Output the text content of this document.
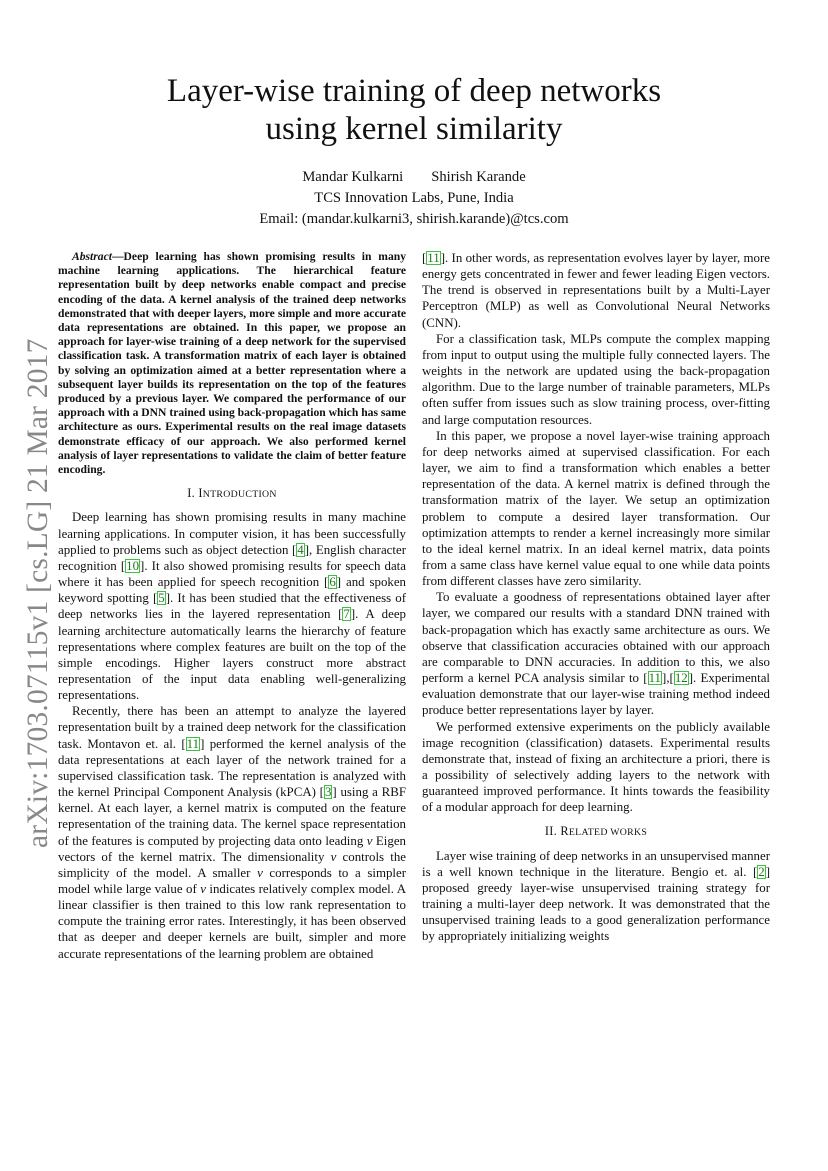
arXiv:1703.07115v1 [cs.LG] 21 Mar 2017
Layer-wise training of deep networks
using kernel similarity
Mandar Kulkarni Shirish Karande
TCS Innovation Labs, Pune, India
Email: (mandar.kulkarni3, shirish.karande)@tcs.com

Abstract—Deep learning has shown promising results in many machine learning applications. The hierarchical feature representation built by deep networks enable compact and precise encoding of the data. A kernel analysis of the trained deep networks demonstrated that with deeper layers, more simple and more accurate data representations are obtained. In this paper, we propose an approach for layer-wise training of a deep network for the supervised classification task. A transformation matrix of each layer is obtained by solving an optimization aimed at a better representation where a subsequent layer builds its representation on the top of the features produced by a previous layer. We compared the performance of our approach with a DNN trained using back-propagation which has same architecture as ours. Experimental results on the real image datasets demonstrate efficacy of our approach. We also performed kernel analysis of layer representations to validate the claim of better feature encoding.

I. INTRODUCTION

Deep learning has shown promising results in many machine learning applications. In computer vision, it has been successfully applied to problems such as object detection [4], English character recognition [10]. It also showed promising results for speech data where it has been applied for speech recognition [6] and spoken keyword spotting [5]. It has been studied that the effectiveness of deep networks lies in the layered representation [7]. A deep learning architecture automatically learns the hierarchy of feature representations where complex features are built on the top of the simple encodings. Higher layers construct more abstract representation of the input data enabling well-generalizing representations.

Recently, there has been an attempt to analyze the layered representation built by a trained deep network for the classification task. Montavon et. al. [11] performed the kernel analysis of the data representations at each layer of the network trained for a supervised classification task. The representation is analyzed with the kernel Principal Component Analysis (kPCA) [3] using a RBF kernel. At each layer, a kernel matrix is computed on the feature representation of the training data. The kernel space representation of the features is computed by projecting data onto leading v Eigen vectors of the kernel matrix. The dimensionality v controls the simplicity of the model. A smaller v corresponds to a simpler model while large value of v indicates relatively complex model. A linear classifier is then trained to this low rank representation to compute the training error rates. Interestingly, it has been observed that as deeper and deeper kernels are built, simpler and more accurate representations of the learning problem are obtained

[11]. In other words, as representation evolves layer by layer, more energy gets concentrated in fewer and fewer leading Eigen vectors. The trend is observed in representations built by a Multi-Layer Perceptron (MLP) as well as Convolutional Neural Networks (CNN).

For a classification task, MLPs compute the complex mapping from input to output using the multiple fully connected layers. The weights in the network are updated using the back-propagation algorithm. Due to the large number of trainable parameters, MLPs often suffer from issues such as slow training process, over-fitting and large computation resources.

In this paper, we propose a novel layer-wise training approach for deep networks aimed at supervised classification. For each layer, we aim to find a transformation which enables a better representation of the data. A kernel matrix is defined through the transformation matrix of the layer. We setup an optimization problem to compute a desired layer transformation. Our optimization attempts to render a kernel increasingly more similar to the ideal kernel matrix. In an ideal kernel matrix, data points from a same class have kernel value equal to one while data points from different classes have zero similarity.

To evaluate a goodness of representations obtained layer after layer, we compared our results with a standard DNN trained with back-propagation which has exactly same architecture as ours. We observe that classification accuracies obtained with our approach are comparable to DNN accuracies. In addition to this, we also perform a kernel PCA analysis similar to [11],[12]. Experimental evaluation demonstrate that our layer-wise training method indeed produce better representations layer by layer.

We performed extensive experiments on the publicly available image recognition (classification) datasets. Experimental results demonstrate that, instead of fixing an architecture a priori, there is a possibility of selectively adding layers to the network with guaranteed improved performance. It hints towards the feasibility of a modular approach for deep learning.

II. RELATED WORKS

Layer wise training of deep networks in an unsupervised manner is a well known technique in the literature. Bengio et. al. [2] proposed greedy layer-wise unsupervised training strategy for training a multi-layer deep network. It was demonstrated that the unsupervised training leads to a good generalization performance by appropriately initializing weights
